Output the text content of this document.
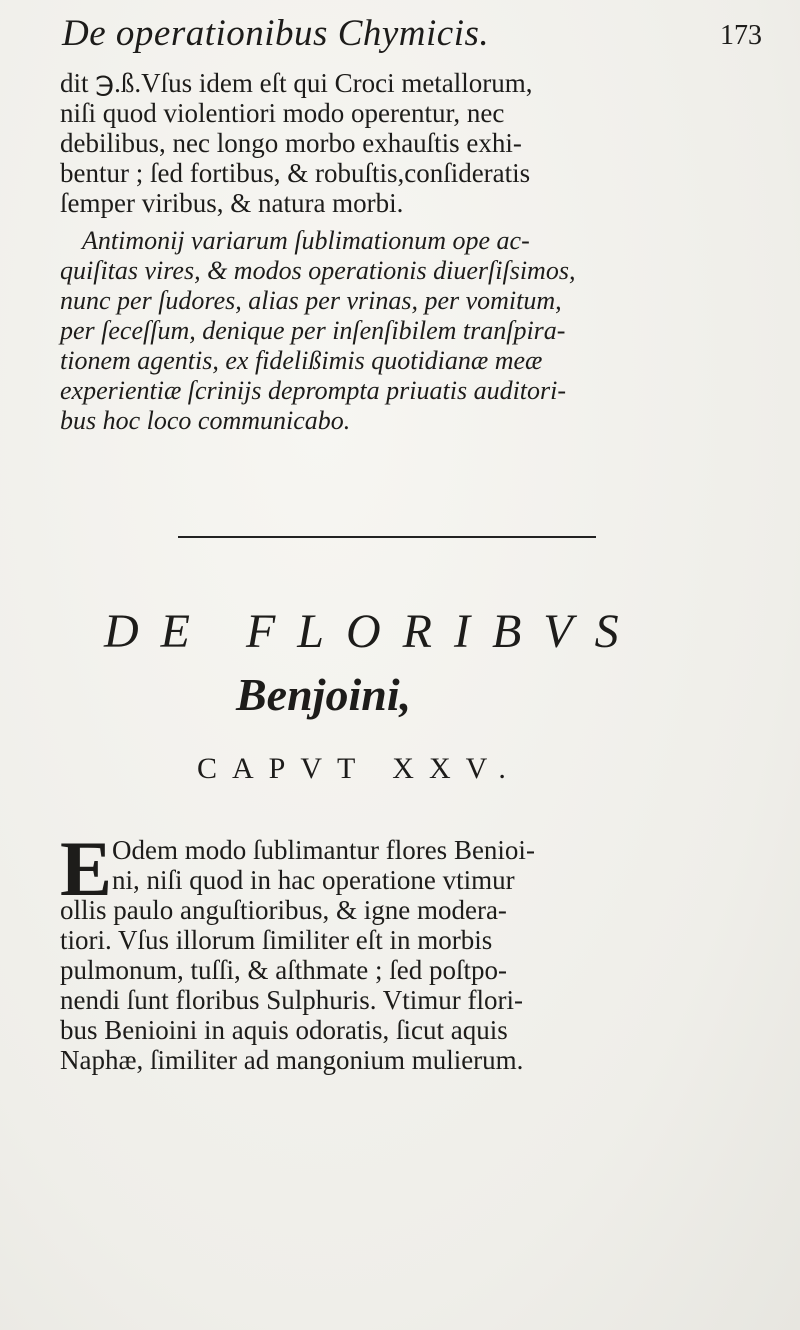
De operationibus Chymicis.	173
dit ℈.ß.Vſus idem eſt qui Croci metallorum,
niſi quod violentiori modo operentur, nec
debilibus, nec longo morbo exhauſtis exhi-
bentur ; ſed fortibus, & robuſtis,conſideratis
ſemper viribus, & natura morbi.
Antimonij variarum ſublimationum ope ac-
quiſitas vires, & modos operationis diuerſiſsimos,
nunc per ſudores, alias per vrinas, per vomitum,
per ſeceſſum, denique per inſenſibilem tranſpira-
tionem agentis, ex fidelißimis quotidianæ meæ
experientiæ ſcrinijs deprompta priuatis auditori-
bus hoc loco communicabo.
DE FLORIBVS
Benjoini,
CAPVT XXV.
E Odem modo ſublimantur flores Benioi-
ni, niſi quod in hac operatione vtimur
ollis paulo anguſtioribus, & igne modera-
tiori. Vſus illorum ſimiliter eſt in morbis
pulmonum, tuſſi, & aſthmate ; ſed poſtpo-
nendi ſunt floribus Sulphuris. Vtimur flori-
bus Benioini in aquis odoratis, ſicut aquis
Naphæ, ſimiliter ad mangonium mulierum.
